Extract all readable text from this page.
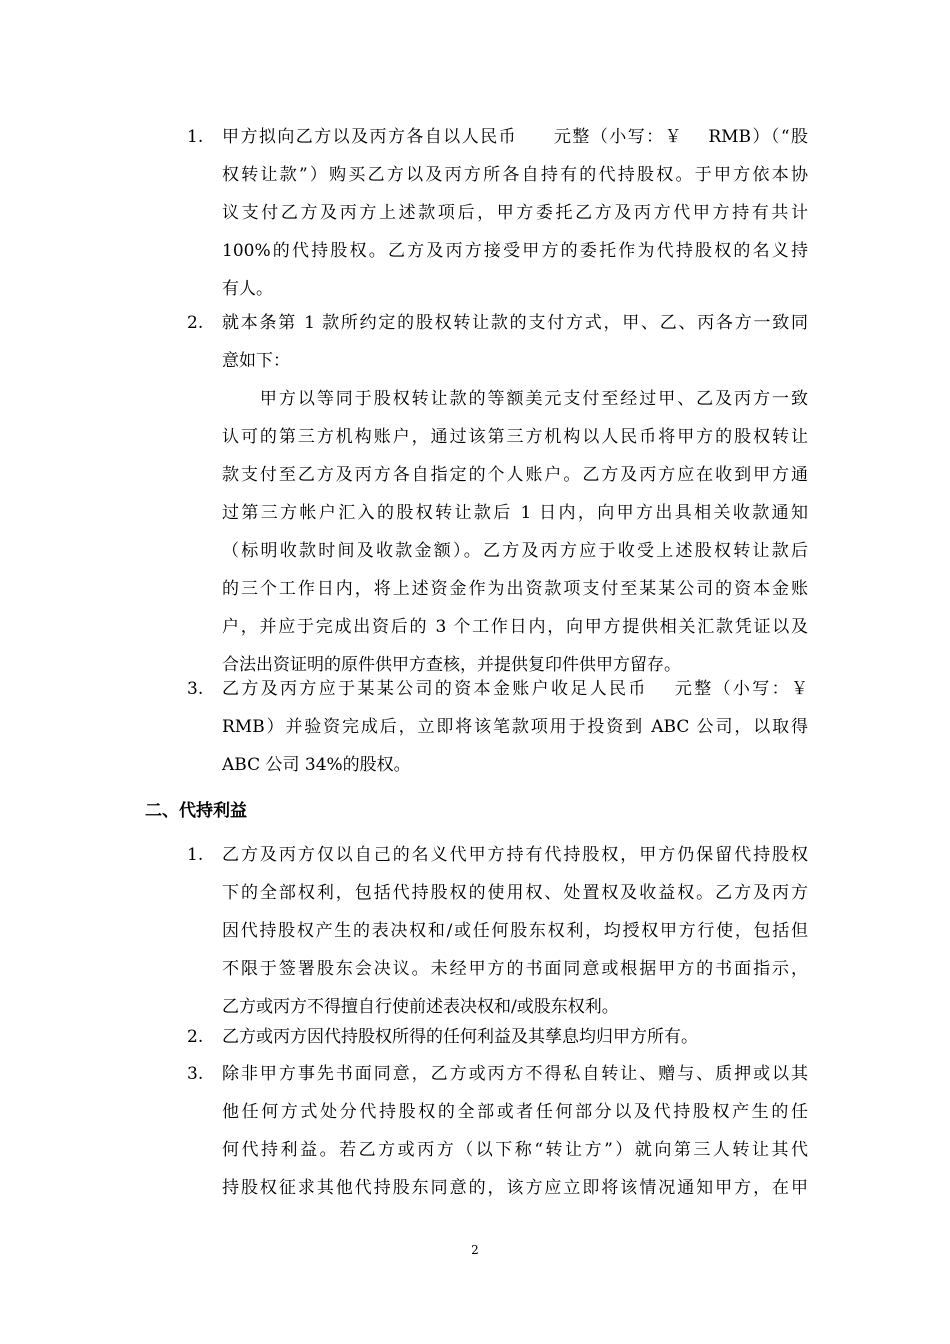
1. 甲方拟向乙方以及丙方各自以人民币　　元整（小写：￥　 RMB）（“股
权转让款”）购买乙方以及丙方所各自持有的代持股权。于甲方依本协
议支付乙方及丙方上述款项后，甲方委托乙方及丙方代甲方持有共计
100%的代持股权。乙方及丙方接受甲方的委托作为代持股权的名义持
有人。
2. 就本条第 1 款所约定的股权转让款的支付方式，甲、乙、丙各方一致同
意如下：
　　甲方以等同于股权转让款的等额美元支付至经过甲、乙及丙方一致
认可的第三方机构账户，通过该第三方机构以人民币将甲方的股权转让
款支付至乙方及丙方各自指定的个人账户。乙方及丙方应在收到甲方通
过第三方帐户汇入的股权转让款后 1 日内，向甲方出具相关收款通知
（标明收款时间及收款金额）。乙方及丙方应于收受上述股权转让款后
的三个工作日内，将上述资金作为出资款项支付至某某公司的资本金账
户，并应于完成出资后的 3 个工作日内，向甲方提供相关汇款凭证以及
合法出资证明的原件供甲方查核，并提供复印件供甲方留存。
3. 乙方及丙方应于某某公司的资本金账户收足人民币　 元整（小写：￥
RMB）并验资完成后，立即将该笔款项用于投资到 ABC 公司，以取得
ABC 公司 34%的股权。
二、代持利益
1. 乙方及丙方仅以自己的名义代甲方持有代持股权，甲方仍保留代持股权
下的全部权利，包括代持股权的使用权、处置权及收益权。乙方及丙方
因代持股权产生的表决权和/或任何股东权利，均授权甲方行使，包括但
不限于签署股东会决议。未经甲方的书面同意或根据甲方的书面指示，
乙方或丙方不得擅自行使前述表决权和/或股东权利。
2. 乙方或丙方因代持股权所得的任何利益及其孳息均归甲方所有。
3. 除非甲方事先书面同意，乙方或丙方不得私自转让、赠与、质押或以其
他任何方式处分代持股权的全部或者任何部分以及代持股权产生的任
何代持利益。若乙方或丙方（以下称“转让方”）就向第三人转让其代
持股权征求其他代持股东同意的，该方应立即将该情况通知甲方，在甲
2
